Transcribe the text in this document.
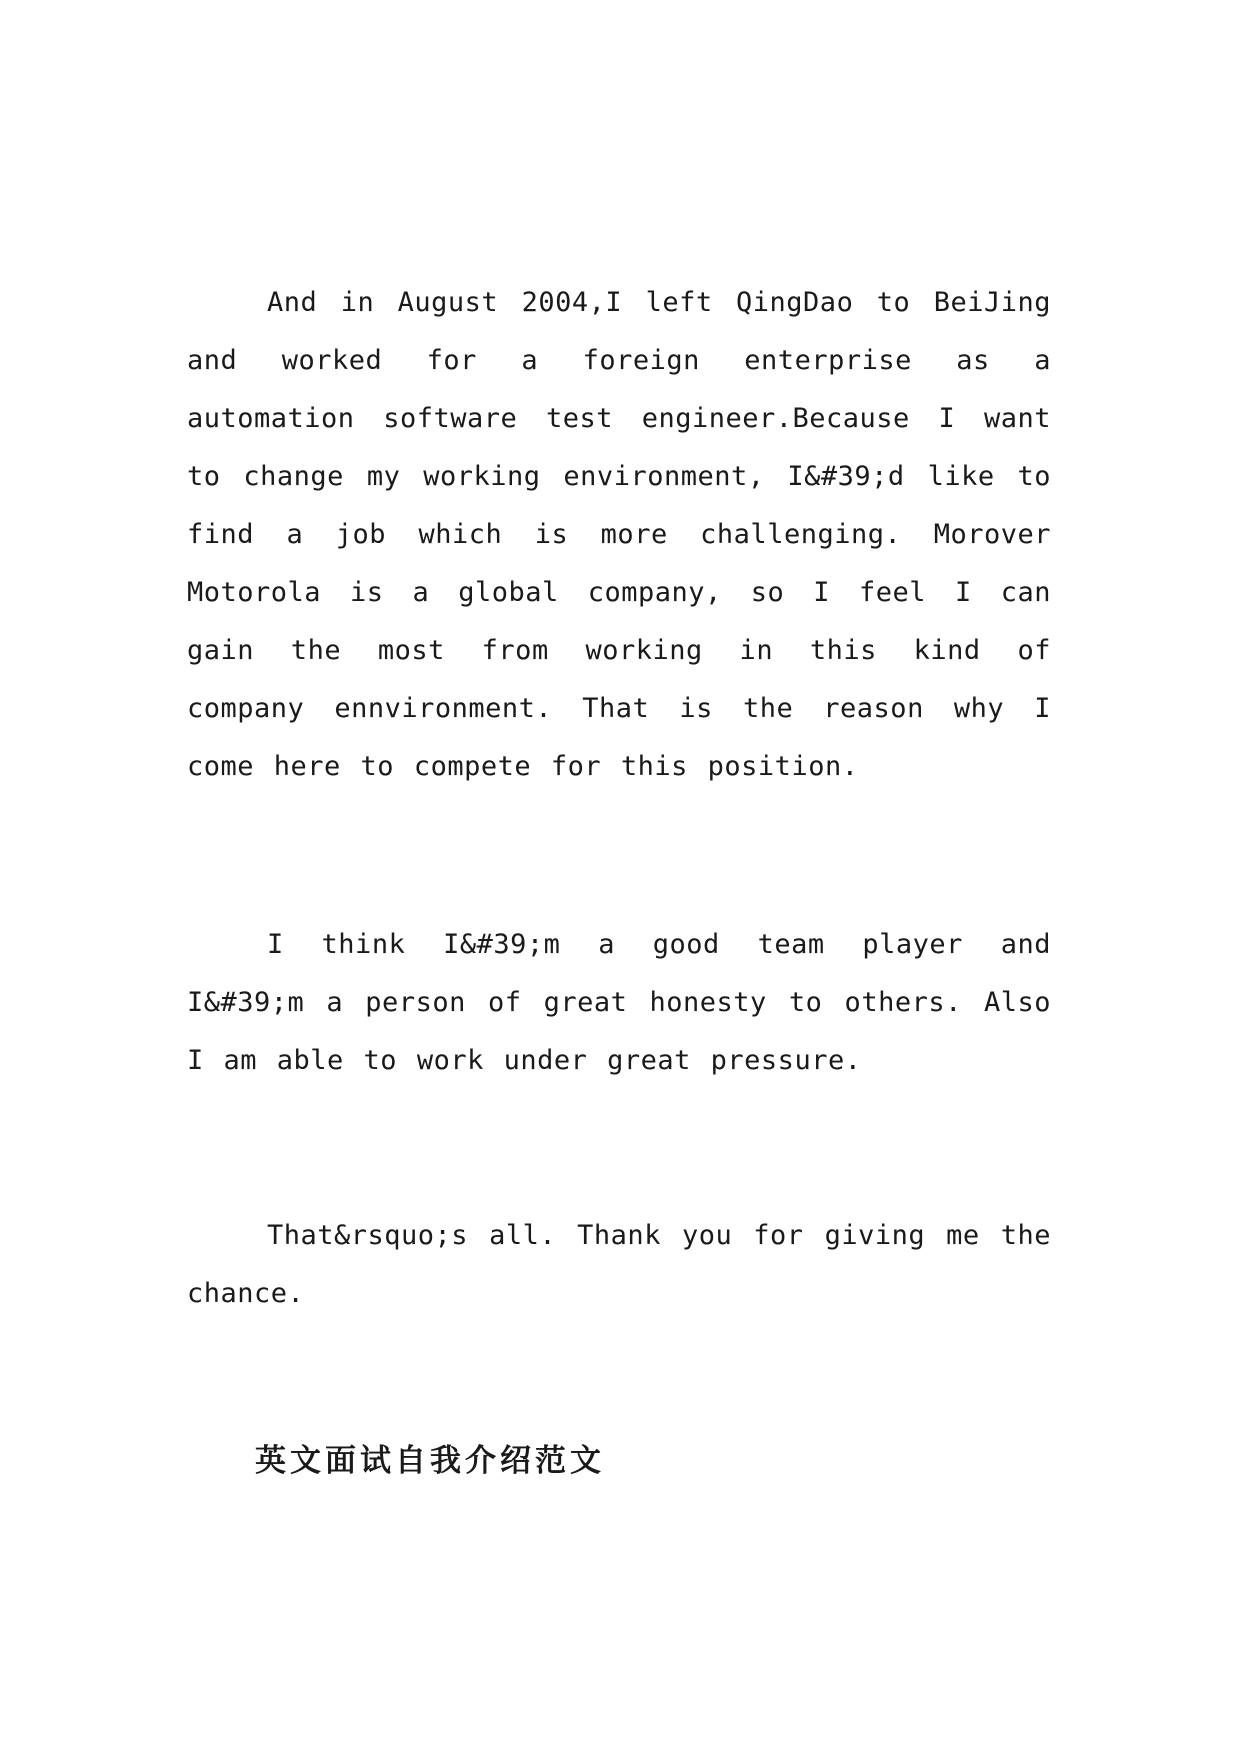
And in August 2004,I left QingDao to BeiJing and worked for a foreign enterprise as a automation software test engineer.Because I want to change my working environment, I&#39;d like to find a job which is more challenging. Morover Motorola is a global company, so I feel I can gain the most from working in this kind of company ennvironment. That is the reason why I come here to compete for this position.

I think I&#39;m a good team player and I&#39;m a person of great honesty to others. Also I am able to work under great pressure.

That&rsquo;s all. Thank you for giving me the chance.

英文面试自我介绍范文
